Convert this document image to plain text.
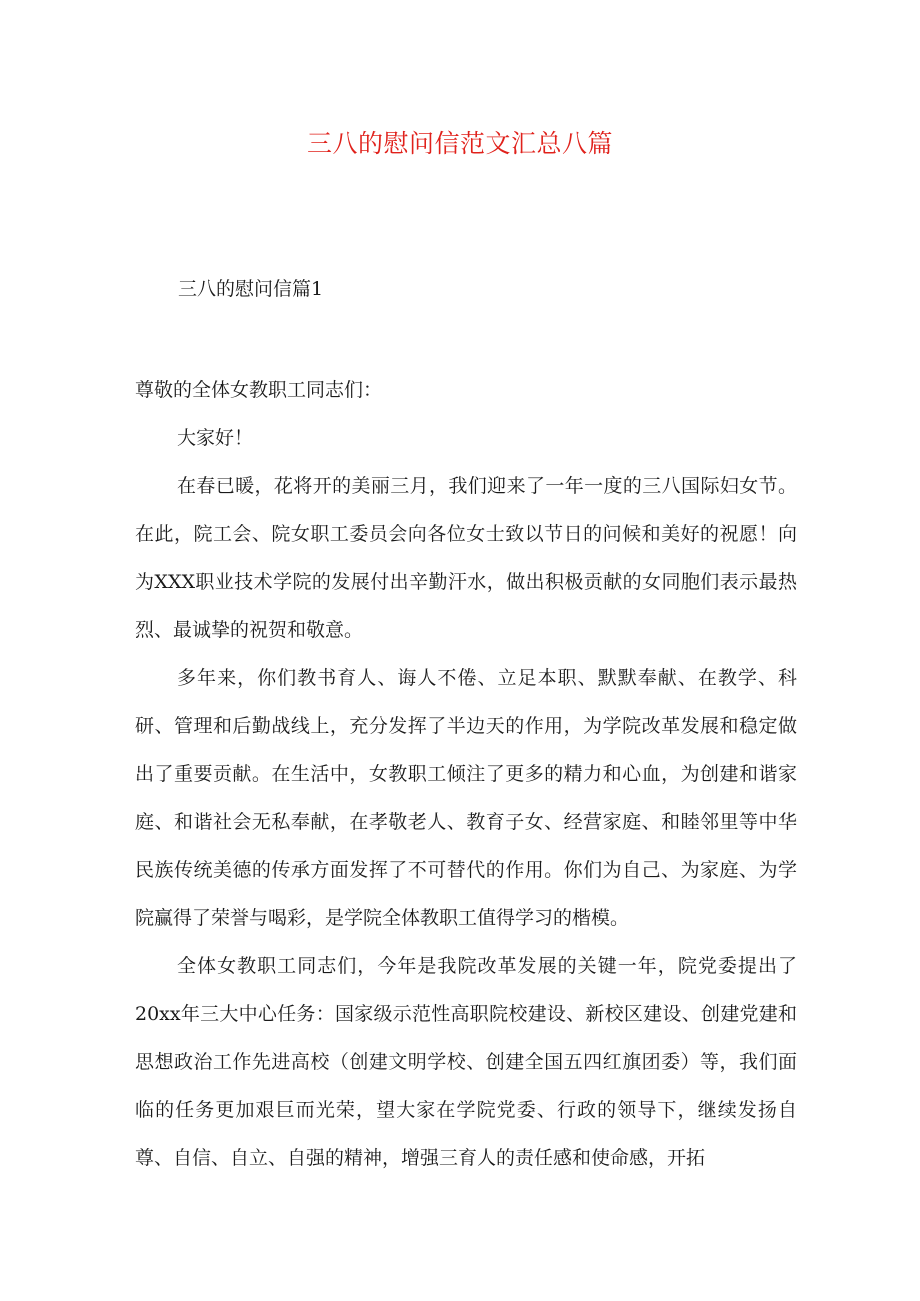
三八的慰问信范文汇总八篇
三八的慰问信篇1

尊敬的全体女教职工同志们：

大家好！

在春已暖，花将开的美丽三月，我们迎来了一年一度的三八国际妇女节。在此，院工会、院女职工委员会向各位女士致以节日的问候和美好的祝愿！向为XXX职业技术学院的发展付出辛勤汗水，做出积极贡献的女同胞们表示最热烈、最诚挚的祝贺和敬意。

多年来，你们教书育人、诲人不倦、立足本职、默默奉献、在教学、科研、管理和后勤战线上，充分发挥了半边天的作用，为学院改革发展和稳定做出了重要贡献。在生活中，女教职工倾注了更多的精力和心血，为创建和谐家庭、和谐社会无私奉献，在孝敬老人、教育子女、经营家庭、和睦邻里等中华民族传统美德的传承方面发挥了不可替代的作用。你们为自己、为家庭、为学院赢得了荣誉与喝彩，是学院全体教职工值得学习的楷模。

全体女教职工同志们，今年是我院改革发展的关键一年，院党委提出了20xx年三大中心任务：国家级示范性高职院校建设、新校区建设、创建党建和思想政治工作先进高校（创建文明学校、创建全国五四红旗团委）等，我们面临的任务更加艰巨而光荣，望大家在学院党委、行政的领导下，继续发扬自尊、自信、自立、自强的精神，增强三育人的责任感和使命感，开拓
